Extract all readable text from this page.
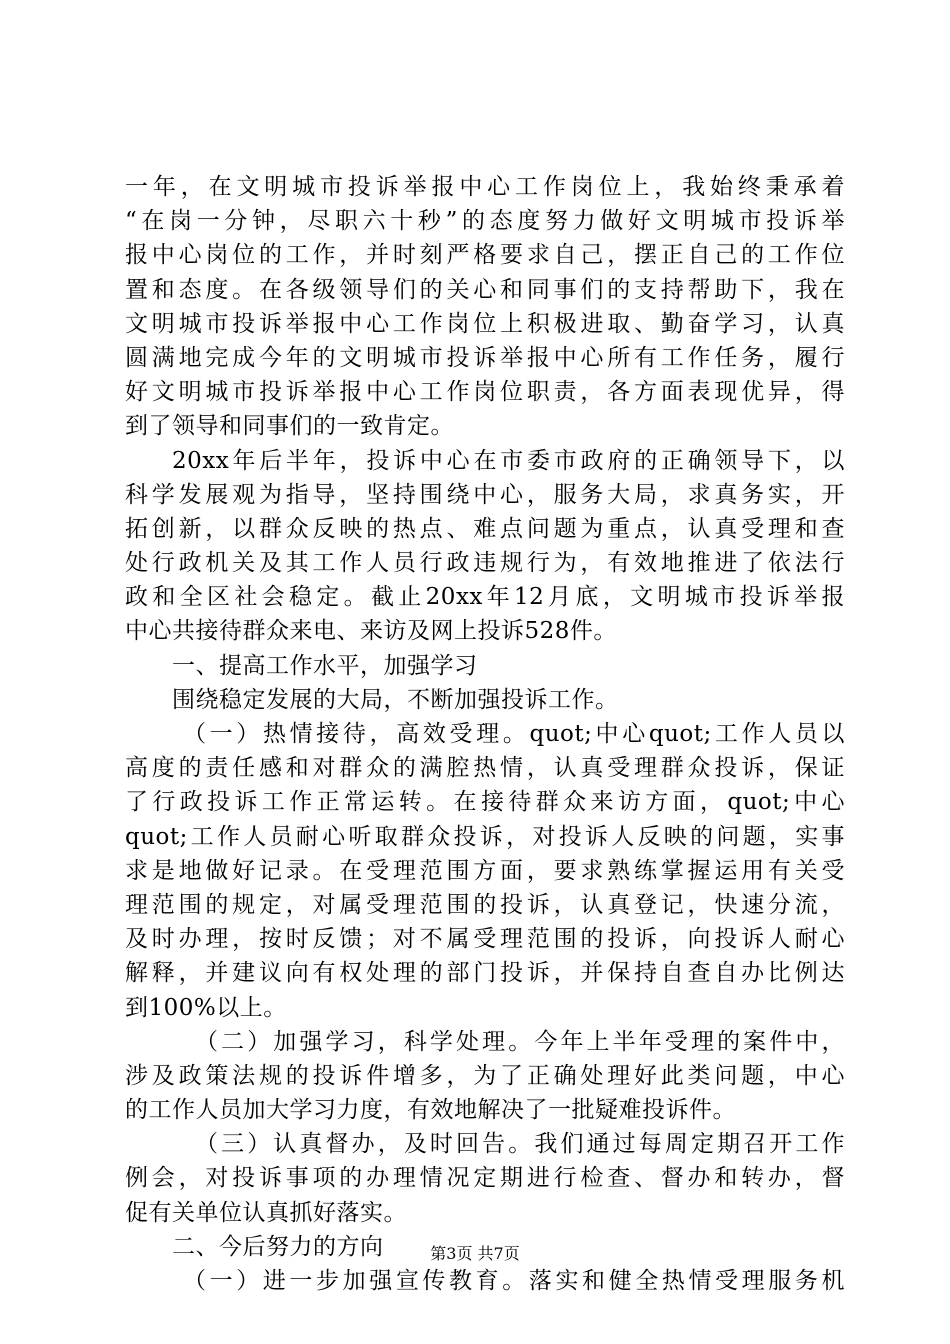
一年，在文明城市投诉举报中心工作岗位上，我始终秉承着
“在岗一分钟，尽职六十秒”的态度努力做好文明城市投诉举
报中心岗位的工作，并时刻严格要求自己，摆正自己的工作位
置和态度。在各级领导们的关心和同事们的支持帮助下，我在
文明城市投诉举报中心工作岗位上积极进取、勤奋学习，认真
圆满地完成今年的文明城市投诉举报中心所有工作任务，履行
好文明城市投诉举报中心工作岗位职责，各方面表现优异，得
到了领导和同事们的一致肯定。
20xx年后半年，投诉中心在市委市政府的正确领导下，以
科学发展观为指导，坚持围绕中心，服务大局，求真务实，开
拓创新，以群众反映的热点、难点问题为重点，认真受理和查
处行政机关及其工作人员行政违规行为，有效地推进了依法行
政和全区社会稳定。截止20xx年12月底，文明城市投诉举报
中心共接待群众来电、来访及网上投诉528件。
一、提高工作水平，加强学习
围绕稳定发展的大局，不断加强投诉工作。
（一）热情接待，高效受理。quot;中心quot;工作人员以
高度的责任感和对群众的满腔热情，认真受理群众投诉，保证
了行政投诉工作正常运转。在接待群众来访方面，quot;中心
quot;工作人员耐心听取群众投诉，对投诉人反映的问题，实事
求是地做好记录。在受理范围方面，要求熟练掌握运用有关受
理范围的规定，对属受理范围的投诉，认真登记，快速分流，
及时办理，按时反馈；对不属受理范围的投诉，向投诉人耐心
解释，并建议向有权处理的部门投诉，并保持自查自办比例达
到100%以上。
（二）加强学习，科学处理。今年上半年受理的案件中，
涉及政策法规的投诉件增多，为了正确处理好此类问题，中心
的工作人员加大学习力度，有效地解决了一批疑难投诉件。
（三）认真督办，及时回告。我们通过每周定期召开工作
例会，对投诉事项的办理情况定期进行检查、督办和转办，督
促有关单位认真抓好落实。
二、今后努力的方向
（一）进一步加强宣传教育。落实和健全热情受理服务机
第3页 共7页
